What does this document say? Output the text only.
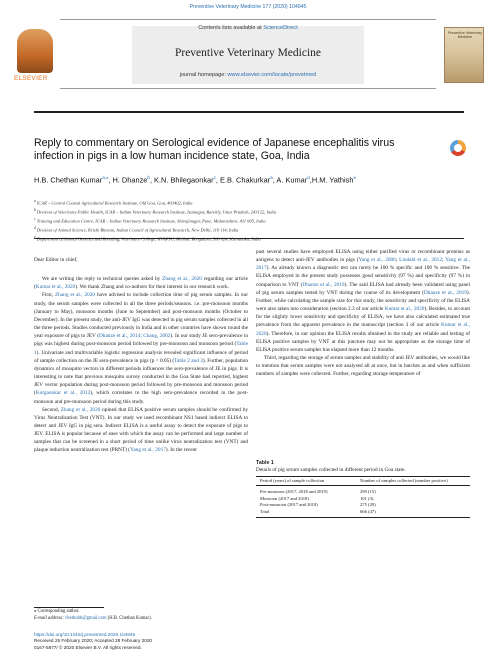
Preventive Veterinary Medicine 177 (2020) 104945
ELSEVIER
Contents lists available at ScienceDirect
Preventive Veterinary Medicine
journal homepage: www.elsevier.com/locate/prevetmed
Preventive Veterinary Medicine
Reply to commentary on Serological evidence of Japanese encephalitis virus
infection in pigs in a low human incidence state, Goa, India
H.B. Chethan Kumar$^{a,⁎}$, H. Dhanze$^b$, K.N. Bhilegaonkar$^c$, E.B. Chakurkar$^a$, A. Kumar$^d$,H.M. Yathish$^e$
$^a$ ICAR – Central Coastal Agricultural Research Institute, Old Goa, Goa, 403402, India
$^b$ Division of Veterinary Public Health, ICAR – Indian Veterinary Research Institute, Izatnagar, Bareilly, Uttar Pradesh, 243122, India
$^c$ Training and Education Centre, ICAR – Indian Veterinary Research Institute, Shivajinagar, Pune, Maharashtra, 411 005, India
$^d$ Division of Animal Science, Krishi Bhavan, Indian Council of Agricultural Research, New Delhi, 110 114, India
$^e$ Department of Animal Genetics and Breeding, Veterinary College, KVAFSU, Hebbal, Bengaluru, 560 024, Karnataka, India
Dear Editor in chief,

We are writing the reply to technical queries asked by Zhang et al., 2020 regarding our article (Kumar et al., 2020). We thank Zhang and co-authors for their interest in our research work.

First, Zhang et al., 2020 have advised to include collection time of pig serum samples. In our study, the serum samples were collected in all the three periods/seasons. i.e. pre-monsoon months (January to May), monsoon months (June to September) and post-monsoon months (October to December). In the present study, the anti-JEV IgG was detected in pig serum samples collected in all the three periods. Studies conducted previously in India and in other countries have shown round the year exposure of pigs to JEV (Dhanze et al., 2014; Chang, 2002). In our study JE sero-prevalence in pigs was highest during post-monsoon period followed by pre-monsoon and monsoon period (Table 1). Univariate and multivariable logistic regression analysis revealed significant influence of period of sample collection on the JE sero-prevalence in pigs (p < 0.05) (Table 2 and 3). Further, population dynamics of mosquito vectors in different periods influences the sero-prevalence of JE in pigs. It is interesting to note that previous mosquito survey conducted in the Goa State had reported, highest JEV vector population during post-monsoon period followed by pre-monsoon and monsoon period (Korgaonkar et al., 2012), which correlates to the high sero-prevalence recorded in the post-monsoon and pre-monsoon period during this study.

Second, Zhang et al., 2020 opined that ELISA positive serum samples should be confirmed by Virus Neutralization Test (VNT). In our study we used recombinant NS1 based indirect ELISA to detect anti JEV IgG in pig sera. Indirect ELISA is a useful assay to detect the exposure of pigs to JEV. ELISA is popular because of ease with which the assay can be performed and large number of samples that can be screened in a short period of time unlike virus neutralization test (VNT) and plaque reduction neutralization test (PRNT) (Yang et al., 2017). In the recent

⁎ Corresponding author.
E-mail address: chethubb@gmail.com (H.B. Chethan Kumar).
https://doi.org/10.1016/j.prevetmed.2020.104945
Received 25 February 2020; Accepted 28 February 2020
0167-5877/ © 2020 Elsevier B.V. All rights reserved.

past several studies have employed ELISA using either purified virus or recombinant proteins as antigens to detect anti-JEV antibodies in pigs (Yang et al., 2006; Lindahl et al., 2012; Yang et al., 2017). As already known a diagnostic test can rarely be 100 % specific and 100 % sensitive. The ELISA employed in the present study possesses good sensitivity (97 %) and specificity (97 %) in comparison to VNT (Dhanze et al., 2019). The said ELISA had already been validated using panel of pig serum samples tested by VNT during the course of its development (Dhanze et al., 2019). Further, while calculating the sample size for this study, the sensitivity and specificity of the ELISA were also taken into consideration (section 2.3 of our article Kumar et al., 2020). Besides, to account for the slightly lower sensitivity and specificity of ELISA, we have also calculated estimated true prevalence from the apparent prevalence in the manuscript (section 3 of our article Kumar et al., 2020). Therefore, in our opinion the ELISA results obtained in the study are reliable and testing of ELISA positive samples by VNT at this juncture may not be appropriate as the storage time of ELISA positive serum samples has elapsed more than 12 months.

Third, regarding the storage of serum samples and stability of anti JEV antibodies, we would like to mention that serum samples were not analysed all at once, but in batches as and when sufficient numbers of samples were collected. Further, regarding storage temperature of

Table 1
Details of pig serum samples collected in different period in Goa state.
Period (years) of sample collection	Number of samples collected (number positive)
Pre-monsoon (2017, 2018 and 2019)	290 (15)
Monsoon (2017 and 2018)	101 (3)
Post-monsoon (2017 and 2018)	275 (29)
Total	666 (47)
